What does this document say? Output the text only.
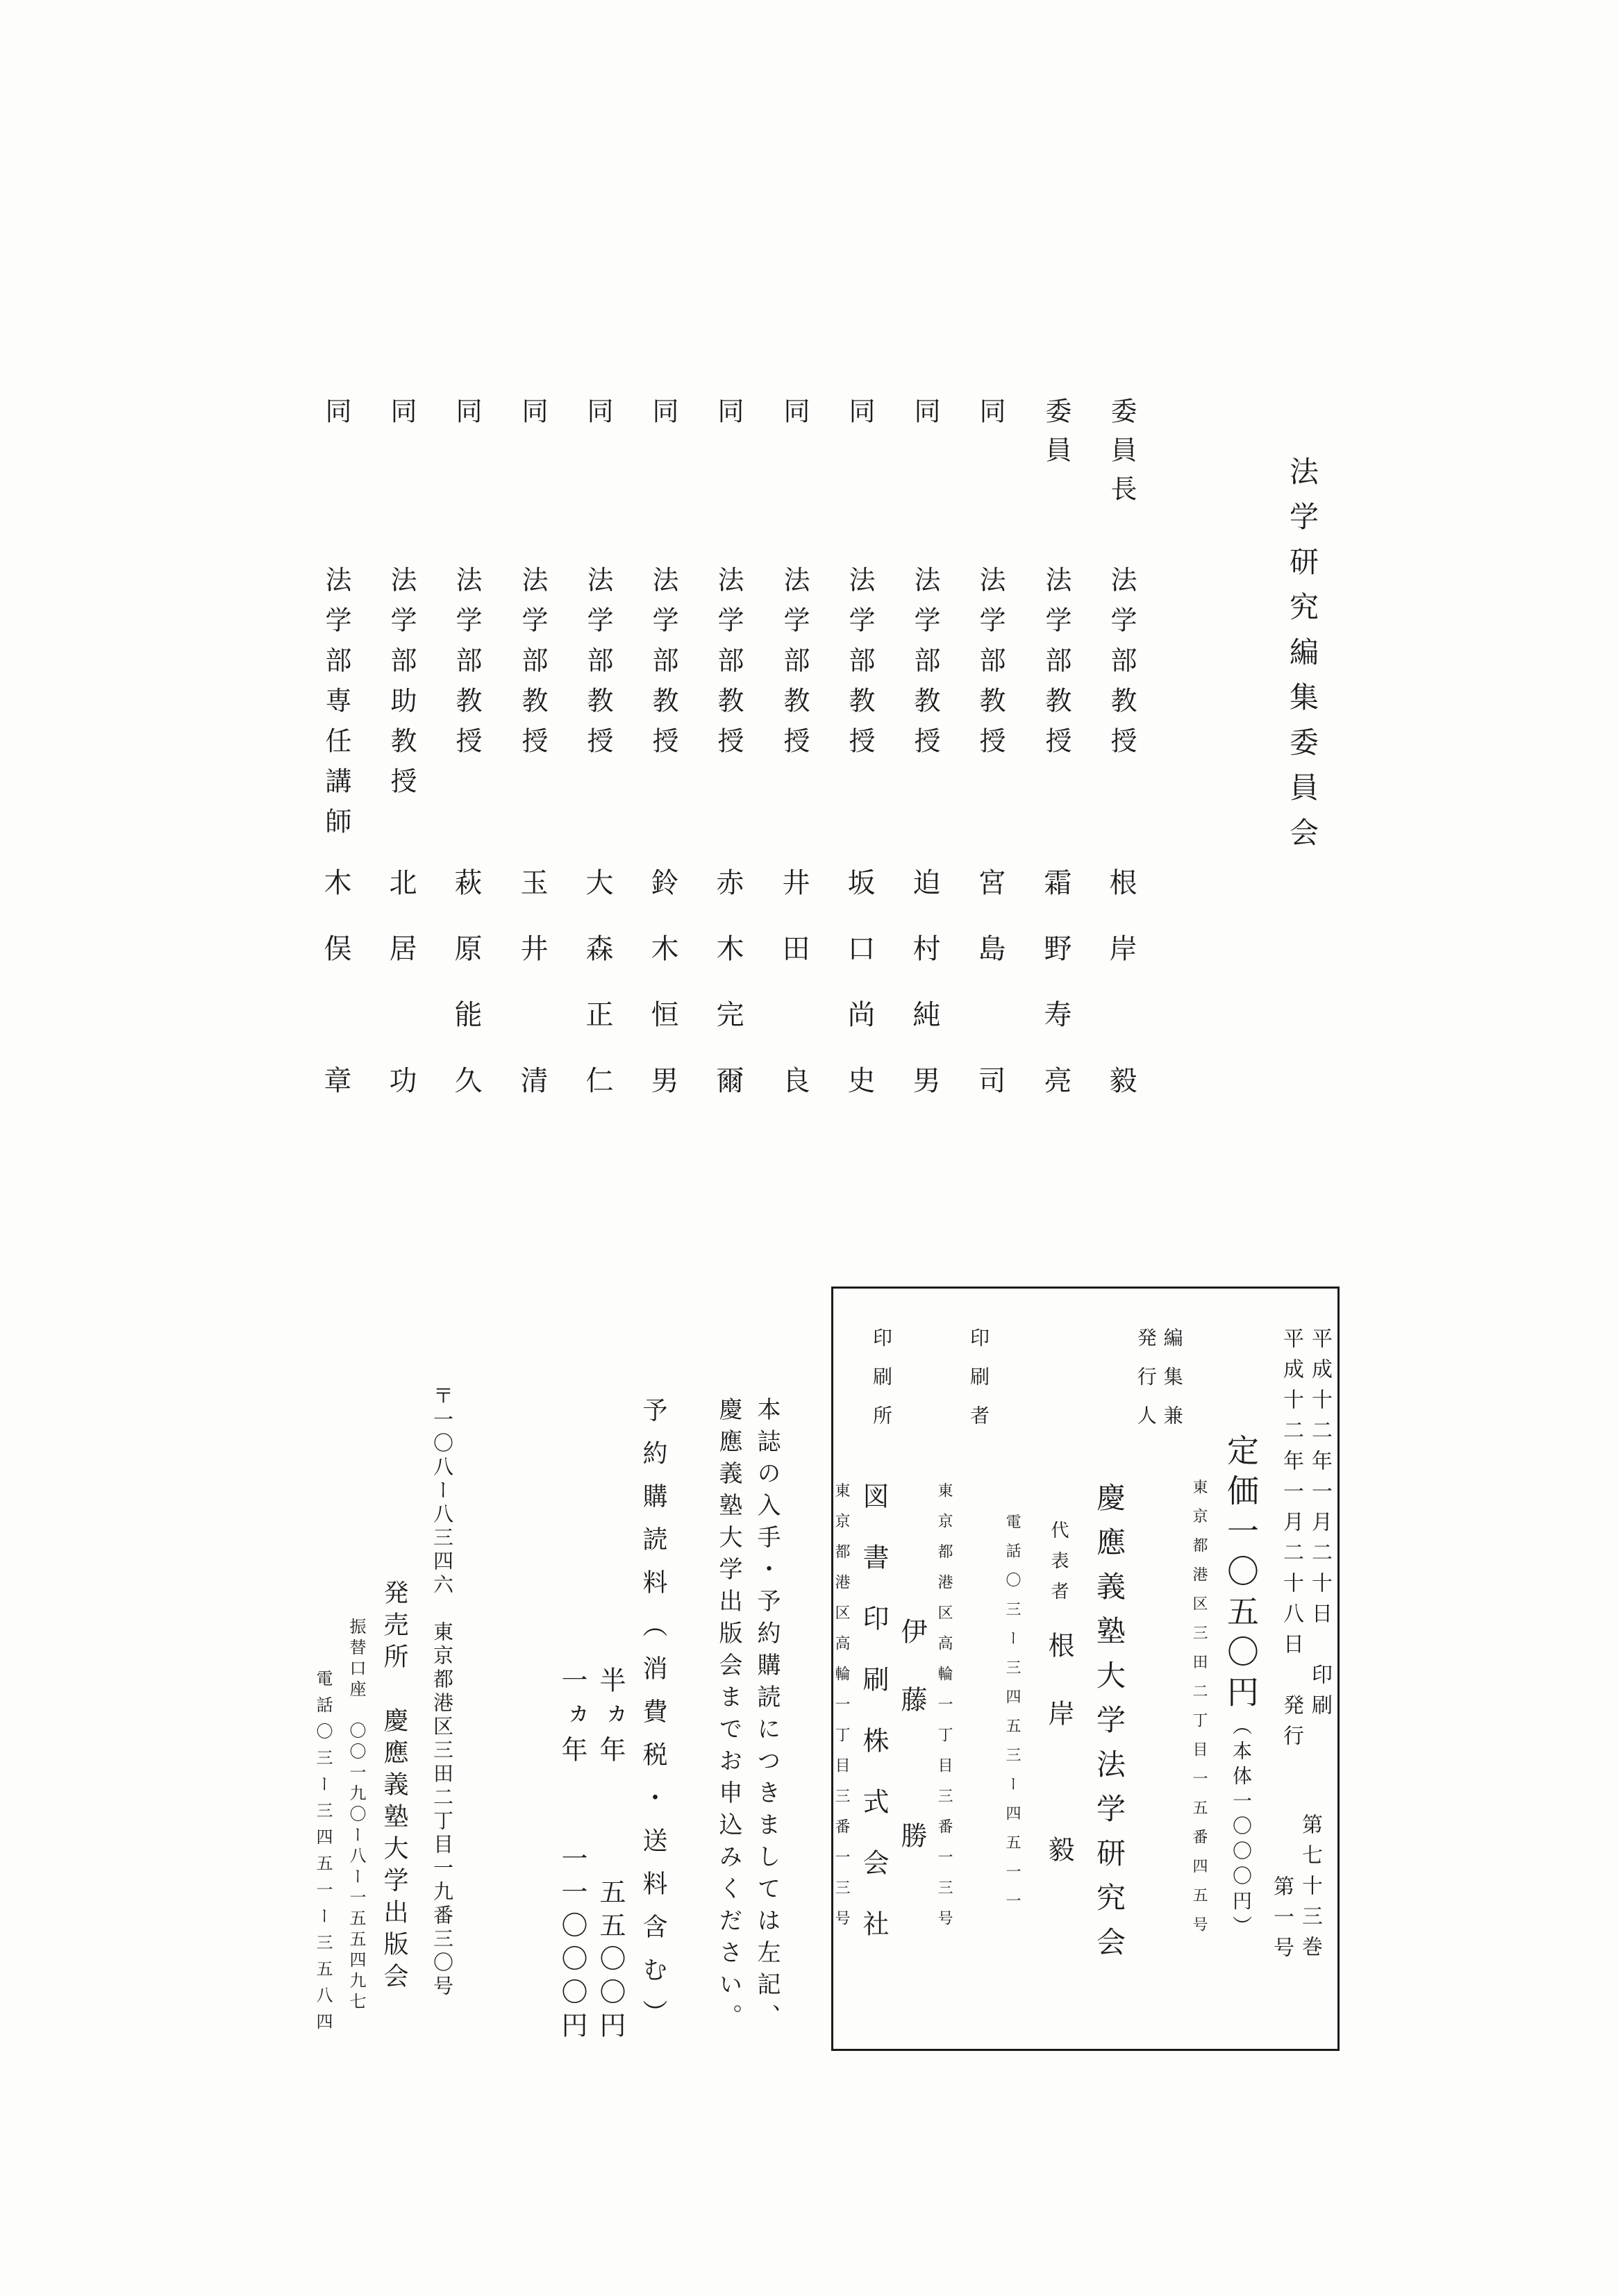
法学研究編集委員会
委員長
法学部教授
根岸　毅
委員
法学部教授
霜野寿亮
同
法学部教授
宮島　司
同
法学部教授
迫村純男
同
法学部教授
坂口尚史
同
法学部教授
井田　良
同
法学部教授
赤木完爾
同
法学部教授
鈴木恒男
同
法学部教授
大森正仁
同
法学部教授
玉井　清
同
法学部教授
萩原能久
同
法学部助教授
北居　功
同
法学部専任講師
木俣　章
平成十二年一月二十日　印刷
第七十三巻
平成十二年一月二十八日　発行
第一号
定価一〇五〇円（本体一〇〇〇円）
東京都港区三田二丁目一五番四五号
編集兼
発行人
慶應義塾大学法学研究会
代表者
根岸　毅
電話〇三ー三四五三ー四五一一
印刷者
東京都港区高輪一丁目三番一三号
伊藤　勝
印刷所
図書印刷株式会社
東京都港区高輪一丁目三番一三号
本誌の入手・予約購読につきましては左記、
慶應義塾大学出版会までお申込みください。
予約購読料（消費税・送料含む）
半ヵ年
五五〇〇円
一ヵ年
一一〇〇〇円
〒一〇八ー八三四六　東京都港区三田二丁目一九番三〇号
発売所　慶應義塾大学出版会
振替口座　〇〇一九〇ー八ー一五五四九七
電話〇三ー三四五一ー三五八四
